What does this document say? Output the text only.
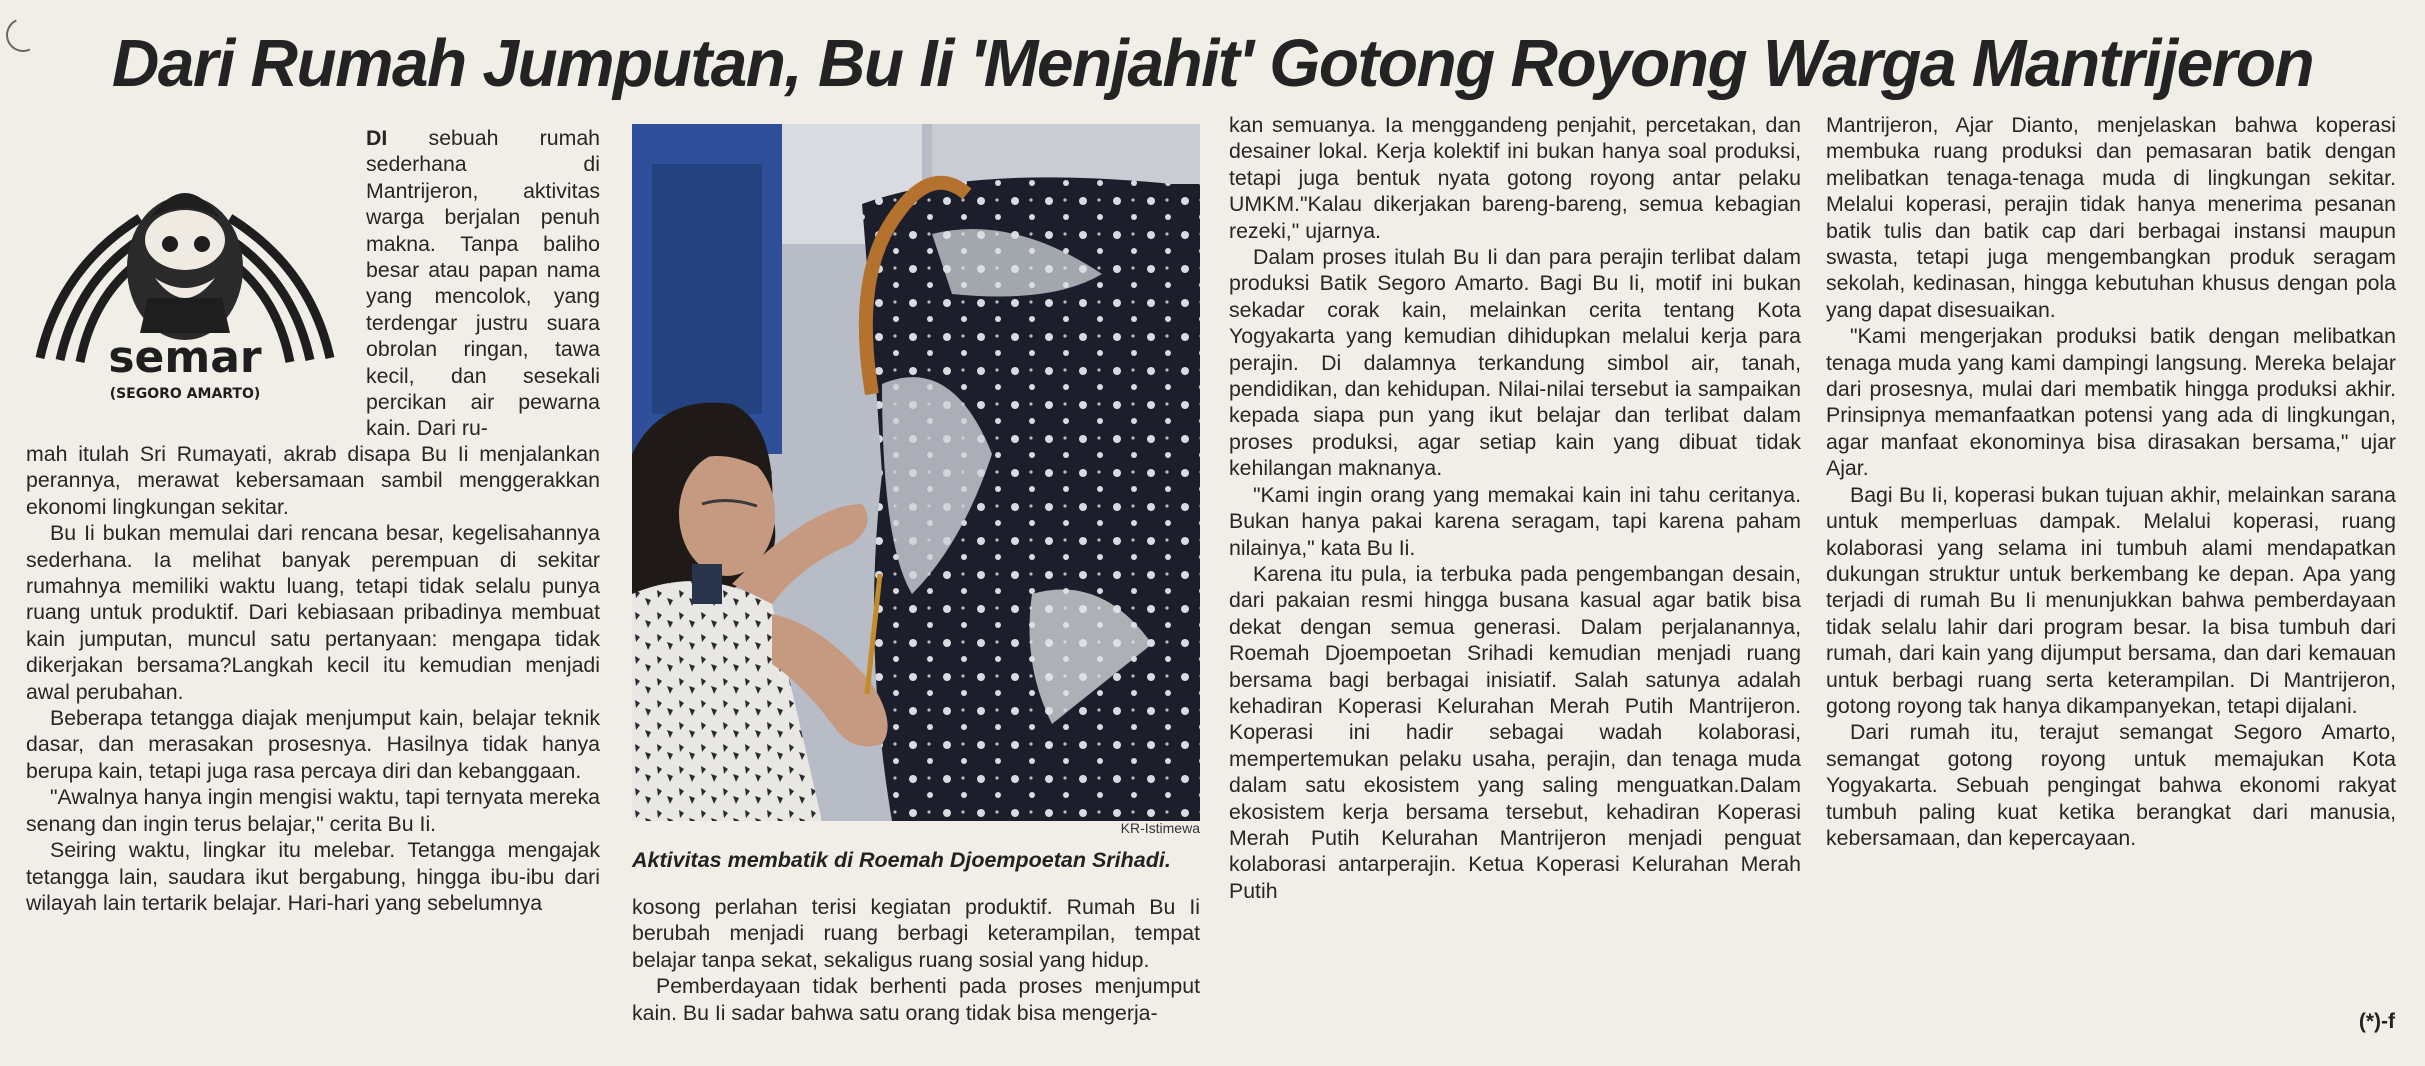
Dari Rumah Jumputan, Bu Ii 'Menjahit' Gotong Royong Warga Mantrijeron
semar
(SEGORO AMARTO)

DI sebuah rumah sederhana di Mantrijeron, aktivitas warga berjalan penuh makna. Tanpa baliho besar atau papan nama yang mencolok, yang terdengar justru suara obrolan ringan, tawa kecil, dan sesekali percikan air pewarna kain. Dari ru-

mah itulah Sri Rumayati, akrab disapa Bu Ii menjalankan perannya, merawat kebersamaan sambil menggerakkan ekonomi lingkungan sekitar.

Bu Ii bukan memulai dari rencana besar, kegelisahannya sederhana. Ia melihat banyak perempuan di sekitar rumahnya memiliki waktu luang, tetapi tidak selalu punya ruang untuk produktif. Dari kebiasaan pribadinya membuat kain jumputan, muncul satu pertanyaan: mengapa tidak dikerjakan bersama?Langkah kecil itu kemudian menjadi awal perubahan.

Beberapa tetangga diajak menjumput kain, belajar teknik dasar, dan merasakan prosesnya. Hasilnya tidak hanya berupa kain, tetapi juga rasa percaya diri dan kebanggaan.

"Awalnya hanya ingin mengisi waktu, tapi ternyata mereka senang dan ingin terus belajar," cerita Bu Ii.

Seiring waktu, lingkar itu melebar. Tetangga mengajak tetangga lain, saudara ikut bergabung, hingga ibu-ibu dari wilayah lain tertarik belajar. Hari-hari yang sebelumnya

KR-Istimewa
Aktivitas membatik di Roemah Djoempoetan Srihadi.

kosong perlahan terisi kegiatan produktif. Rumah Bu Ii berubah menjadi ruang berbagi keterampilan, tempat belajar tanpa sekat, sekaligus ruang sosial yang hidup.

Pemberdayaan tidak berhenti pada proses menjumput kain. Bu Ii sadar bahwa satu orang tidak bisa mengerja-

kan semuanya. Ia menggandeng penjahit, percetakan, dan desainer lokal. Kerja kolektif ini bukan hanya soal produksi, tetapi juga bentuk nyata gotong royong antar pelaku UMKM."Kalau dikerjakan bareng-bareng, semua kebagian rezeki," ujarnya.

Dalam proses itulah Bu Ii dan para perajin terlibat dalam produksi Batik Segoro Amarto. Bagi Bu Ii, motif ini bukan sekadar corak kain, melainkan cerita tentang Kota Yogyakarta yang kemudian dihidupkan melalui kerja para perajin. Di dalamnya terkandung simbol air, tanah, pendidikan, dan kehidupan. Nilai-nilai tersebut ia sampaikan kepada siapa pun yang ikut belajar dan terlibat dalam proses produksi, agar setiap kain yang dibuat tidak kehilangan maknanya.

"Kami ingin orang yang memakai kain ini tahu ceritanya. Bukan hanya pakai karena seragam, tapi karena paham nilainya," kata Bu Ii.

Karena itu pula, ia terbuka pada pengembangan desain, dari pakaian resmi hingga busana kasual agar batik bisa dekat dengan semua generasi. Dalam perjalanannya, Roemah Djoempoetan Srihadi kemudian menjadi ruang bersama bagi berbagai inisiatif. Salah satunya adalah kehadiran Koperasi Kelurahan Merah Putih Mantrijeron. Koperasi ini hadir sebagai wadah kolaborasi, mempertemukan pelaku usaha, perajin, dan tenaga muda dalam satu ekosistem yang saling menguatkan.Dalam ekosistem kerja bersama tersebut, kehadiran Koperasi Merah Putih Kelurahan Mantrijeron menjadi penguat kolaborasi antarperajin. Ketua Koperasi Kelurahan Merah Putih

Mantrijeron, Ajar Dianto, menjelaskan bahwa koperasi membuka ruang produksi dan pemasaran batik dengan melibatkan tenaga-tenaga muda di lingkungan sekitar. Melalui koperasi, perajin tidak hanya menerima pesanan batik tulis dan batik cap dari berbagai instansi maupun swasta, tetapi juga mengembangkan produk seragam sekolah, kedinasan, hingga kebutuhan khusus dengan pola yang dapat disesuaikan.

"Kami mengerjakan produksi batik dengan melibatkan tenaga muda yang kami dampingi langsung. Mereka belajar dari prosesnya, mulai dari membatik hingga produksi akhir. Prinsipnya memanfaatkan potensi yang ada di lingkungan, agar manfaat ekonominya bisa dirasakan bersama," ujar Ajar.

Bagi Bu Ii, koperasi bukan tujuan akhir, melainkan sarana untuk memperluas dampak. Melalui koperasi, ruang kolaborasi yang selama ini tumbuh alami mendapatkan dukungan struktur untuk berkembang ke depan. Apa yang terjadi di rumah Bu Ii menunjukkan bahwa pemberdayaan tidak selalu lahir dari program besar. Ia bisa tumbuh dari rumah, dari kain yang dijumput bersama, dan dari kemauan untuk berbagi ruang serta keterampilan. Di Mantrijeron, gotong royong tak hanya dikampanyekan, tetapi dijalani.

Dari rumah itu, terajut semangat Segoro Amarto, semangat gotong royong untuk memajukan Kota Yogyakarta. Sebuah pengingat bahwa ekonomi rakyat tumbuh paling kuat ketika berangkat dari manusia, kebersamaan, dan kepercayaan.

(*)-f
